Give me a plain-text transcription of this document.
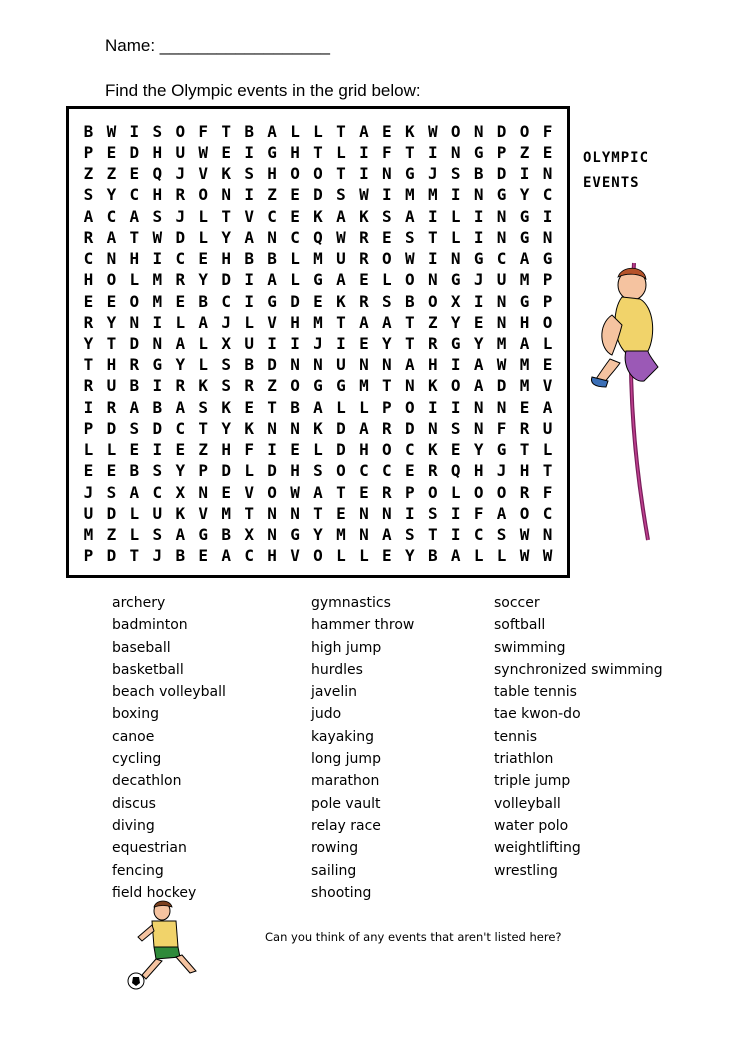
Name: __________________
Find the Olympic events in the grid below:
B W I S O F T B A L L T A E K W O N D O F
P E D H U W E I G H T L I F T I N G P Z E
Z Z E Q J V K S H O O T I N G J S B D I N
S Y C H R O N I Z E D S W I M M I N G Y C
A C A S J L T V C E K A K S A I L I N G I
R A T W D L Y A N C Q W R E S T L I N G N
C N H I C E H B B L M U R O W I N G C A G
H O L M R Y D I A L G A E L O N G J U M P
E E O M E B C I G D E K R S B O X I N G P
R Y N I L A J L V H M T A A T Z Y E N H O
Y T D N A L X U I I J I E Y T R G Y M A L
T H R G Y L S B D N N U N N A H I A W M E
R U B I R K S R Z O G G M T N K O A D M V
I R A B A S K E T B A L L P O I I N N E A
P D S D C T Y K N N K D A R D N S N F R U
L L E I E Z H F I E L D H O C K E Y G T L
E E B S Y P D L D H S O C C E R Q H J H T
J S A C X N E V O W A T E R P O L O O R F
U D L U K V M T N N T E N N I S I F A O C
M Z L S A G B X N G Y M N A S T I C S W N
P D T J B E A C H V O L L E Y B A L L W W
OLYMPIC
EVENTS
archery
badminton
baseball
basketball
beach volleyball
boxing
canoe
cycling
decathlon
discus
diving
equestrian
fencing
field hockey
gymnastics
hammer throw
high jump
hurdles
javelin
judo
kayaking
long jump
marathon
pole vault
relay race
rowing
sailing
shooting
soccer
softball
swimming
synchronized swimming
table tennis
tae kwon-do
tennis
triathlon
triple jump
volleyball
water polo
weightlifting
wrestling
Can you think of any events that aren't listed here?
